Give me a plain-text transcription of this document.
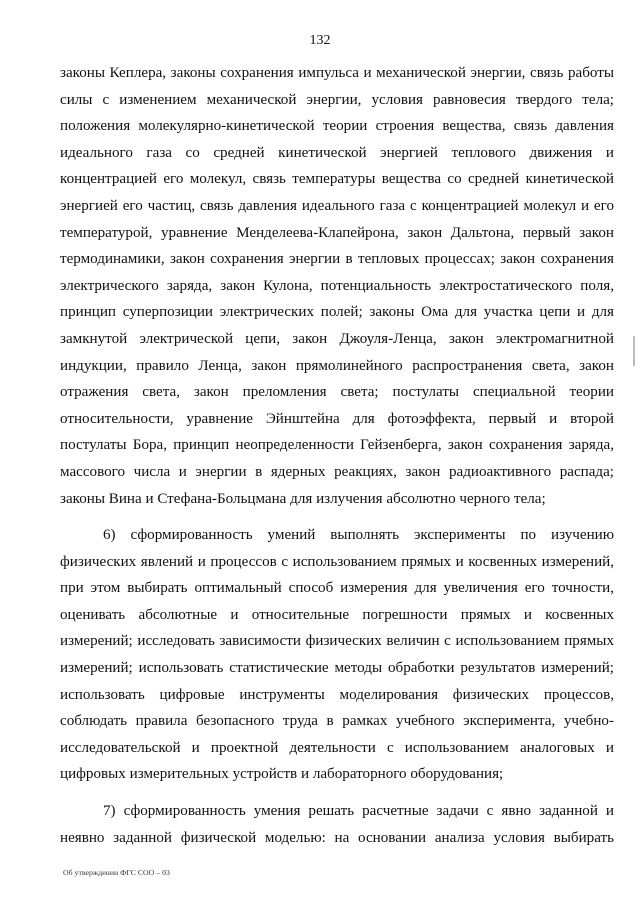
132

законы Кеплера, законы сохранения импульса и механической энергии, связь работы силы с изменением механической энергии, условия равновесия твердого тела; положения молекулярно-кинетической теории строения вещества, связь давления идеального газа со средней кинетической энергией теплового движения и концентрацией его молекул, связь температуры вещества со средней кинетической энергией его частиц, связь давления идеального газа с концентрацией молекул и его температурой, уравнение Менделеева-Клапейрона, закон Дальтона, первый закон термодинамики, закон сохранения энергии в тепловых процессах; закон сохранения электрического заряда, закон Кулона, потенциальность электростатического поля, принцип суперпозиции электрических полей; законы Ома для участка цепи и для замкнутой электрической цепи, закон Джоуля-Ленца, закон электромагнитной индукции, правило Ленца, закон прямолинейного распространения света, закон отражения света, закон преломления света; постулаты специальной теории относительности, уравнение Эйнштейна для фотоэффекта, первый и второй постулаты Бора, принцип неопределенности Гейзенберга, закон сохранения заряда, массового числа и энергии в ядерных реакциях, закон радиоактивного распада; законы Вина и Стефана-Больцмана для излучения абсолютно черного тела;

6) сформированность умений выполнять эксперименты по изучению физических явлений и процессов с использованием прямых и косвенных измерений, при этом выбирать оптимальный способ измерения для увеличения его точности, оценивать абсолютные и относительные погрешности прямых и косвенных измерений; исследовать зависимости физических величин с использованием прямых измерений; использовать статистические методы обработки результатов измерений; использовать цифровые инструменты моделирования физических процессов, соблюдать правила безопасного труда в рамках учебного эксперимента, учебно-исследовательской и проектной деятельности с использованием аналоговых и цифровых измерительных устройств и лабораторного оборудования;

7) сформированность умения решать расчетные задачи с явно заданной и неявно заданной физической моделью: на основании анализа условия выбирать

Об утверждении ФГС СОО – 03
